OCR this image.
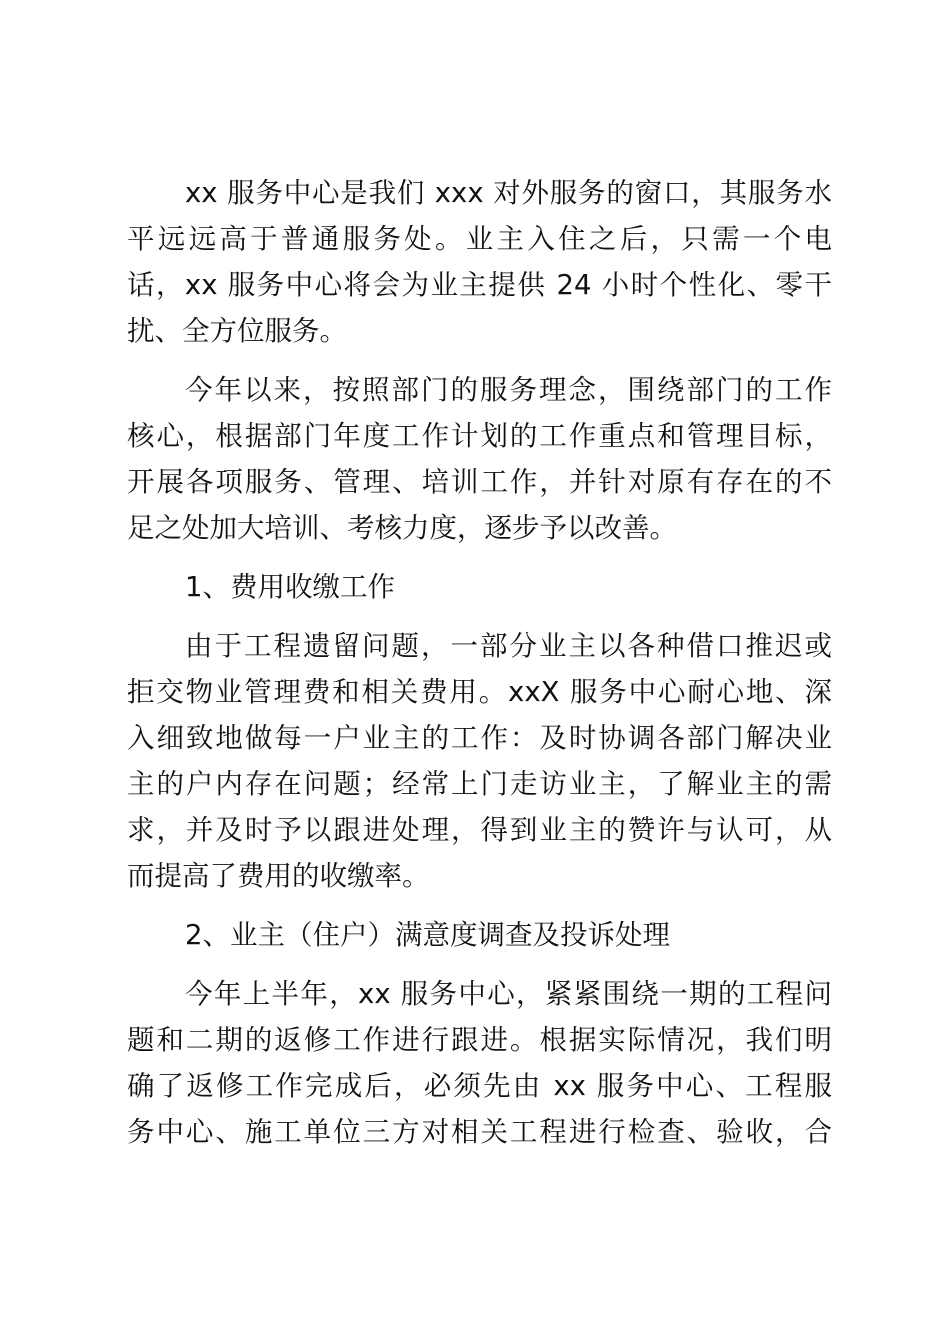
xx 服务中心是我们 xxx 对外服务的窗口，其服务水
平远远高于普通服务处。业主入住之后，只需一个电
话，xx 服务中心将会为业主提供 24 小时个性化、零干
扰、全方位服务。
今年以来，按照部门的服务理念，围绕部门的工作
核心，根据部门年度工作计划的工作重点和管理目标，
开展各项服务、管理、培训工作，并针对原有存在的不
足之处加大培训、考核力度，逐步予以改善。
1、费用收缴工作
由于工程遗留问题，一部分业主以各种借口推迟或
拒交物业管理费和相关费用。xxX 服务中心耐心地、深
入细致地做每一户业主的工作：及时协调各部门解决业
主的户内存在问题；经常上门走访业主，了解业主的需
求，并及时予以跟进处理，得到业主的赞许与认可，从
而提高了费用的收缴率。
2、业主（住户）满意度调查及投诉处理
今年上半年，xx 服务中心，紧紧围绕一期的工程问
题和二期的返修工作进行跟进。根据实际情况，我们明
确了返修工作完成后，必须先由 xx 服务中心、工程服
务中心、施工单位三方对相关工程进行检查、验收，合
